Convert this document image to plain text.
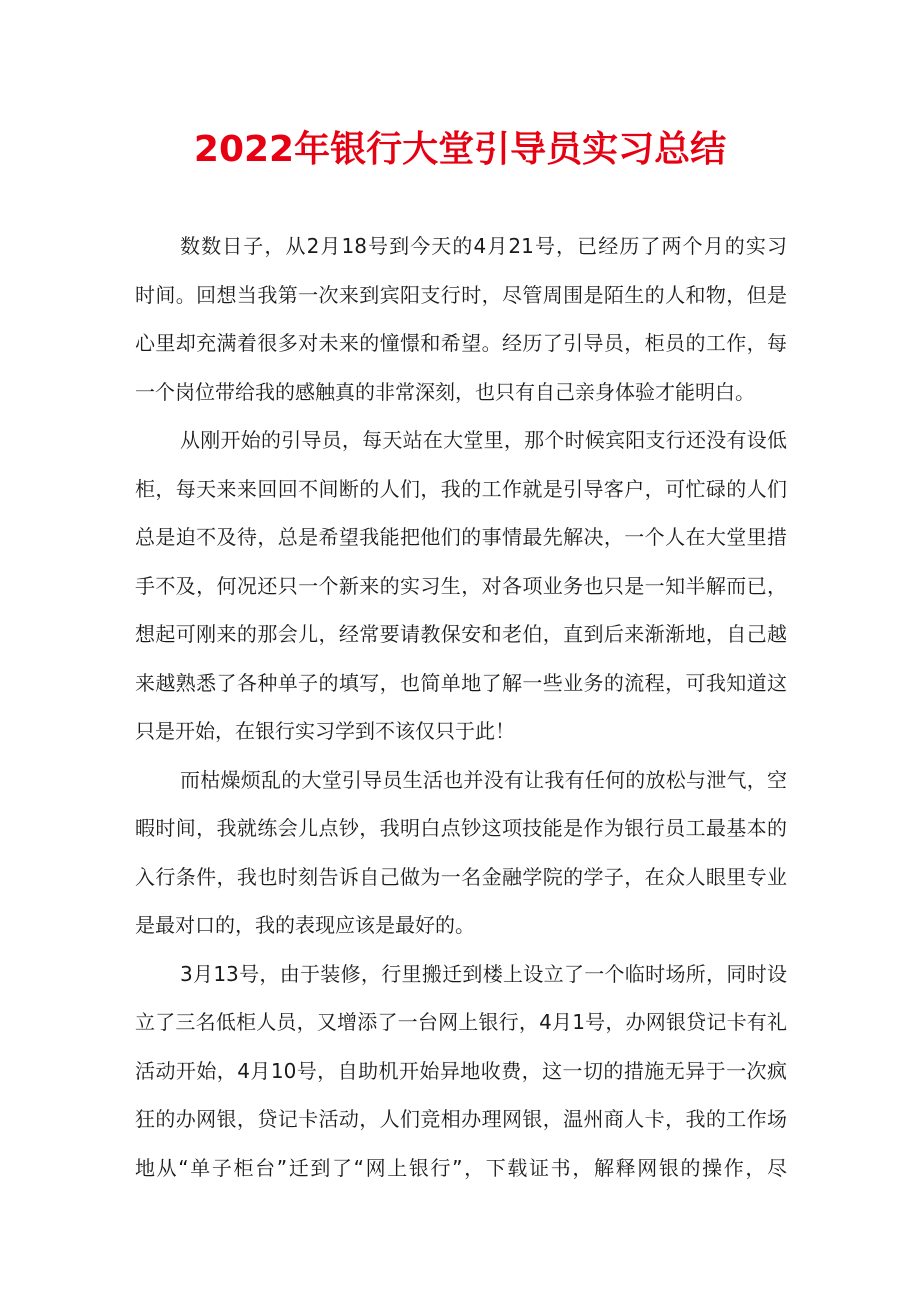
2022年银行大堂引导员实习总结
数数日子，从2月18号到今天的4月21号，已经历了两个月的实习
时间。回想当我第一次来到宾阳支行时，尽管周围是陌生的人和物，但是
心里却充满着很多对未来的憧憬和希望。经历了引导员，柜员的工作，每
一个岗位带给我的感触真的非常深刻，也只有自己亲身体验才能明白。
从刚开始的引导员，每天站在大堂里，那个时候宾阳支行还没有设低
柜，每天来来回回不间断的人们，我的工作就是引导客户，可忙碌的人们
总是迫不及待，总是希望我能把他们的事情最先解决，一个人在大堂里措
手不及，何况还只一个新来的实习生，对各项业务也只是一知半解而已，
想起可刚来的那会儿，经常要请教保安和老伯，直到后来渐渐地，自己越
来越熟悉了各种单子的填写，也简单地了解一些业务的流程，可我知道这
只是开始，在银行实习学到不该仅只于此！
而枯燥烦乱的大堂引导员生活也并没有让我有任何的放松与泄气，空
暇时间，我就练会儿点钞，我明白点钞这项技能是作为银行员工最基本的
入行条件，我也时刻告诉自己做为一名金融学院的学子，在众人眼里专业
是最对口的，我的表现应该是最好的。
3月13号，由于装修，行里搬迁到楼上设立了一个临时场所，同时设
立了三名低柜人员，又增添了一台网上银行，4月1号，办网银贷记卡有礼
活动开始，4月10号，自助机开始异地收费，这一切的措施无异于一次疯
狂的办网银，贷记卡活动，人们竞相办理网银，温州商人卡，我的工作场
地从“单子柜台”迁到了“网上银行”，下载证书，解释网银的操作，尽
